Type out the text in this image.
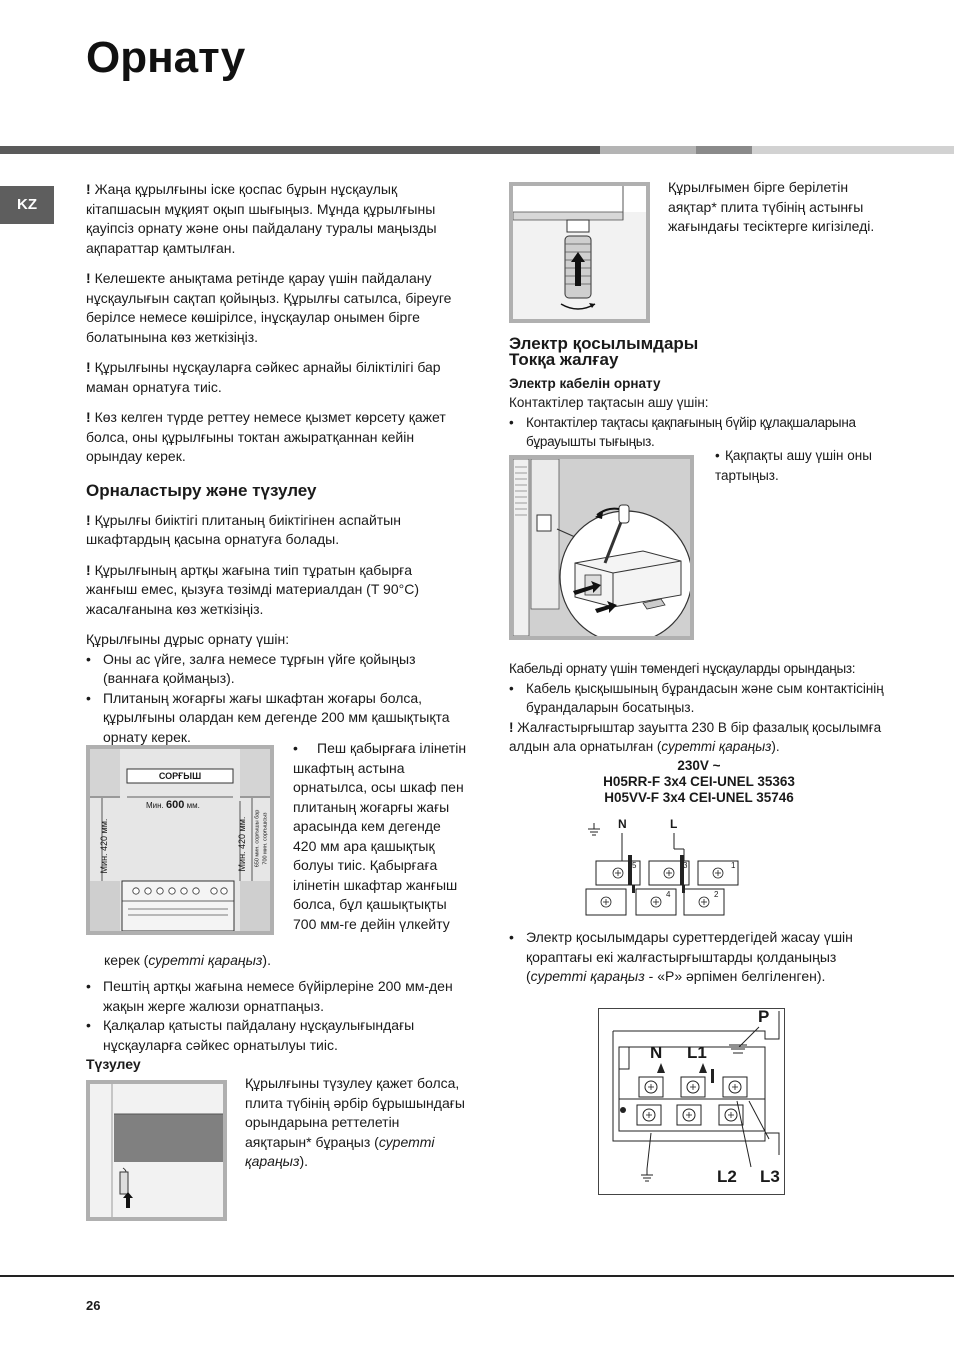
Орнату
KZ

! Жаңа құрылғыны іске қоспас бұрын нұсқаулық кітапшасын мұқият оқып шығыңыз. Мұнда құрылғыны қауіпсіз орнату және оны пайдалану туралы маңызды ақпараттар қамтылған.

! Келешекте анықтама ретінде қарау үшін пайдалану нұсқаулығын сақтап қойыңыз. Құрылғы сатылса, біреуге берілсе немесе көшірілсе, інұсқаулар онымен бірге болатынына көз жеткізіңіз.

! Құрылғыны нұсқауларға сәйкес арнайы біліктілігі бар маман орнатуға тиіс.

! Көз келген түрде реттеу немесе қызмет көрсету қажет болса, оны құрылғыны токтан ажыратқаннан кейін орындау керек.

Орналастыру және түзулеу

! Құрылғы биіктігі плитаның биіктігінен аспайтын шкафтардың қасына орнатуға болады.

! Құрылғының артқы жағына тиіп тұратын қабырға жанғыш емес, қызуға төзімді материалдан (T 90°C) жасалғанына көз жеткізіңіз.

Құрылғыны дұрыс орнату үшін:

• Оны ас үйге, залға немесе тұрғын үйге қойыңыз (ваннаға қоймаңыз).
• Плитаның жоғарғы жағы шкафтан жоғары болса, құрылғыны олардан кем дегенде 200 мм қашықтықта орнату керек.
СОРҒЫШ
Мин. 600 мм.
Мин. 420 мм.	Мин. 420 мм. 650 мин. сорғышы бар 700 мин. сорғышсыз
• Пеш қабырғаға ілінетін шкафтың астына орнатылса, осы шкаф пен плитаның жоғарғы жағы арасында кем дегенде 420 мм ара қашықтық болуы тиіс. Қабырғаға ілінетін шкафтар жанғыш болса, бұл қашықтықты 700 мм-ге дейін үлкейту
керек (суретті қараңыз).
• Пештің артқы жағына немесе бүйірлеріне 200 мм-ден жақын жерге жалюзи орнатпаңыз.
• Қалқалар қатысты пайдалану нұсқаулығындағы нұсқауларға сәйкес орнатылуы тиіс.
Түзулеу
Құрылғыны түзулеу қажет болса, плита түбінің әрбір бұрышындағы орындарына реттелетін аяқтарын* бұраңыз (суретті қараңыз).
Құрылғымен бірге берілетін аяқтар* плита түбінің астынғы жағындағы тесіктерге кигізіледі.
Электр қосылымдары
Токқа жалғау
Электр кабелін орнату

Контактілер тақтасын ашу үшін:

• Контактілер тақтасы қақпағының бүйір құлақшаларына бұрауышты тығыңыз.
• Қақпақты ашу үшін оны тартыңыз.

Кабельді орнату үшін төмендегі нұсқауларды орындаңыз:

• Кабель қысқышының бұрандасын және сым контактісінің бұрандаларын босатыңыз.

! Жалғастырғыштар зауытта 230 В бір фазалық қосылымға алдын ала орнатылған (суретті қараңыз).

230V ~
H05RR-F 3x4 CEI-UNEL 35363
H05VV-F 3x4 CEI-UNEL 35746
N	L
5	3	1
4	2
• Электр қосылымдары суреттердегідей жасау үшін қорaптағы екі жалғастырғыштарды қолданыңыз (суретті қараңыз - «P» әрпімен белгіленген).
P
N L1
L2 L3
26
